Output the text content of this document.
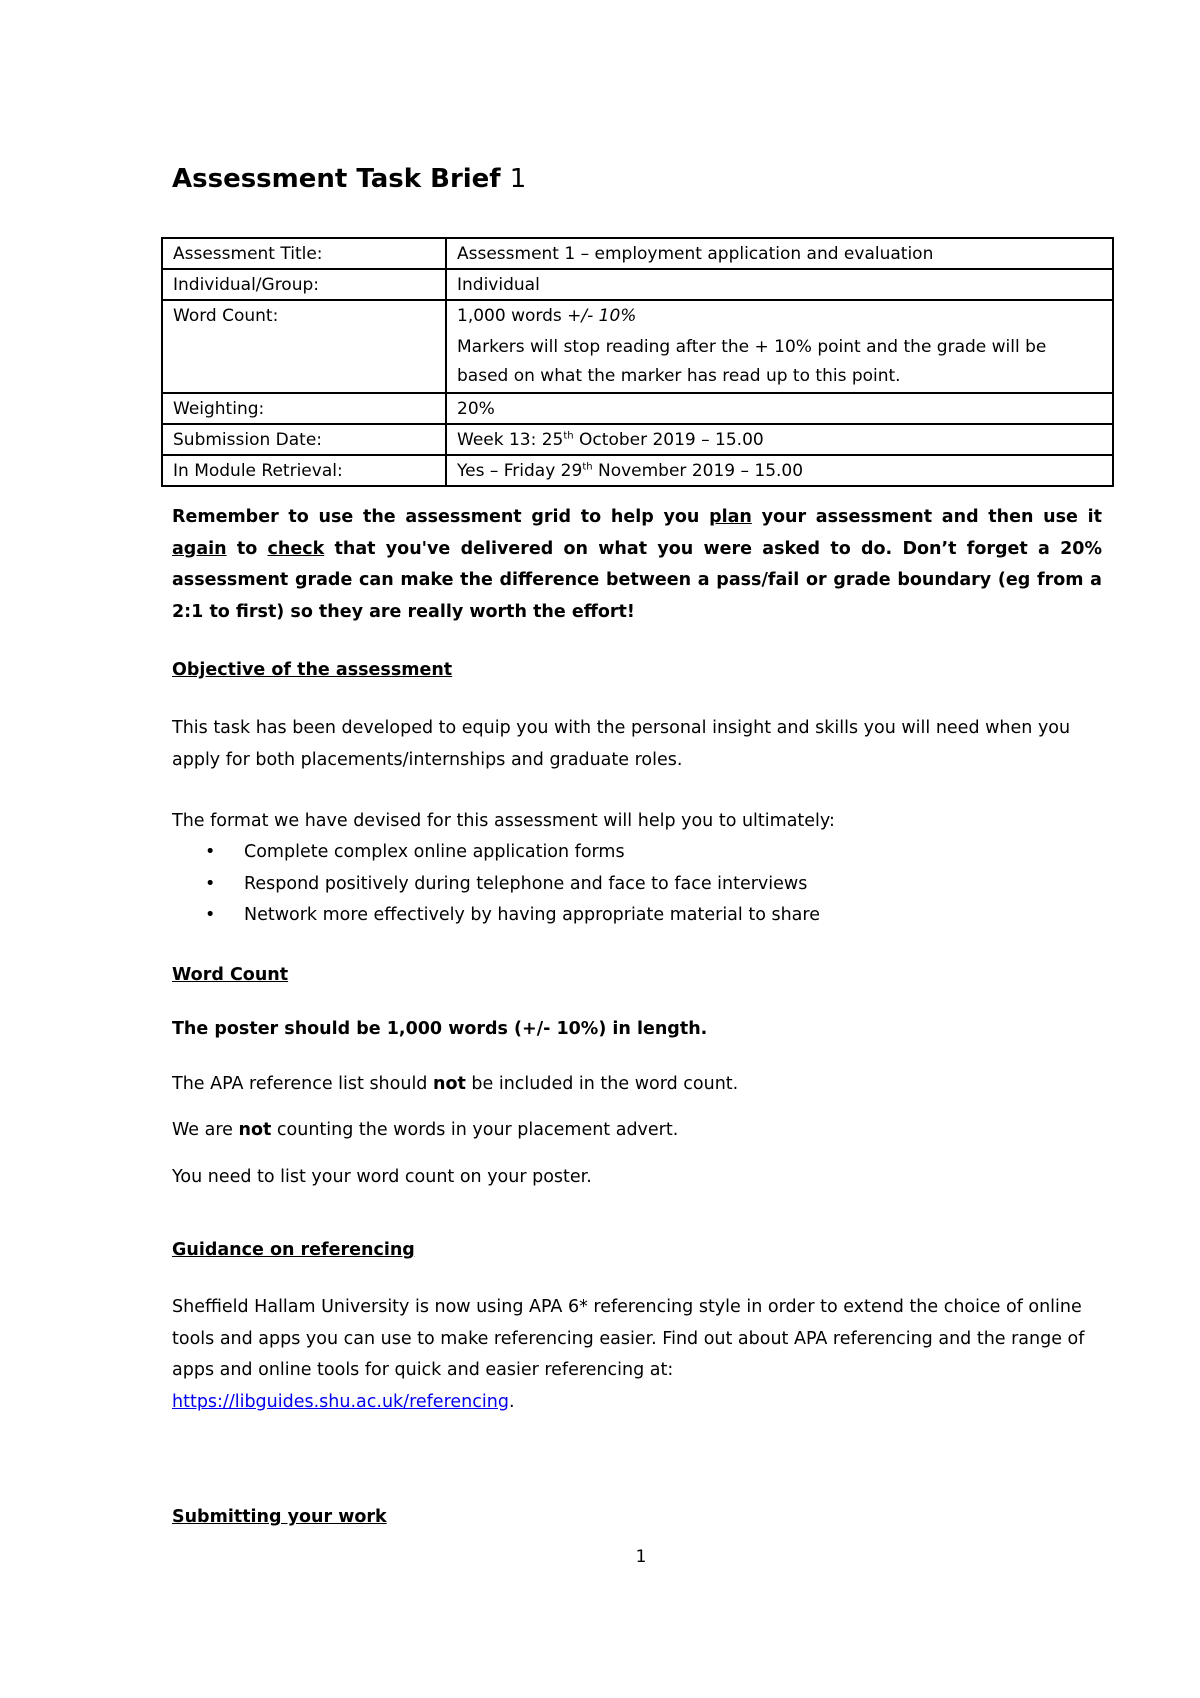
Assessment Task Brief 1
Assessment Title:	Assessment 1 – employment application and evaluation
Individual/Group:	Individual
Word Count:	1,000 words +/- 10%
Markers will stop reading after the + 10% point and the grade will be based on what the marker has read up to this point.

Weighting:	20%
Submission Date:	Week 13: 25th October 2019 – 15.00
In Module Retrieval:	Yes – Friday 29th November 2019 – 15.00
Remember to use the assessment grid to help you plan your assessment and then use it again to check that you've delivered on what you were asked to do. Don’t forget a 20% assessment grade can make the difference between a pass/fail or grade boundary (eg from a 2:1 to first) so they are really worth the effort!
Objective of the assessment
This task has been developed to equip you with the personal insight and skills you will need when you apply for both placements/internships and graduate roles.
The format we have devised for this assessment will help you to ultimately:
• Complete complex online application forms
• Respond positively during telephone and face to face interviews
• Network more effectively by having appropriate material to share
Word Count
The poster should be 1,000 words (+/- 10%) in length.
The APA reference list should not be included in the word count.
We are not counting the words in your placement advert.
You need to list your word count on your poster.
Guidance on referencing
Sheffield Hallam University is now using APA 6* referencing style in order to extend the choice of online tools and apps you can use to make referencing easier. Find out about APA referencing and the range of apps and online tools for quick and easier referencing at:
https://libguides.shu.ac.uk/referencing.
Submitting your work
1
